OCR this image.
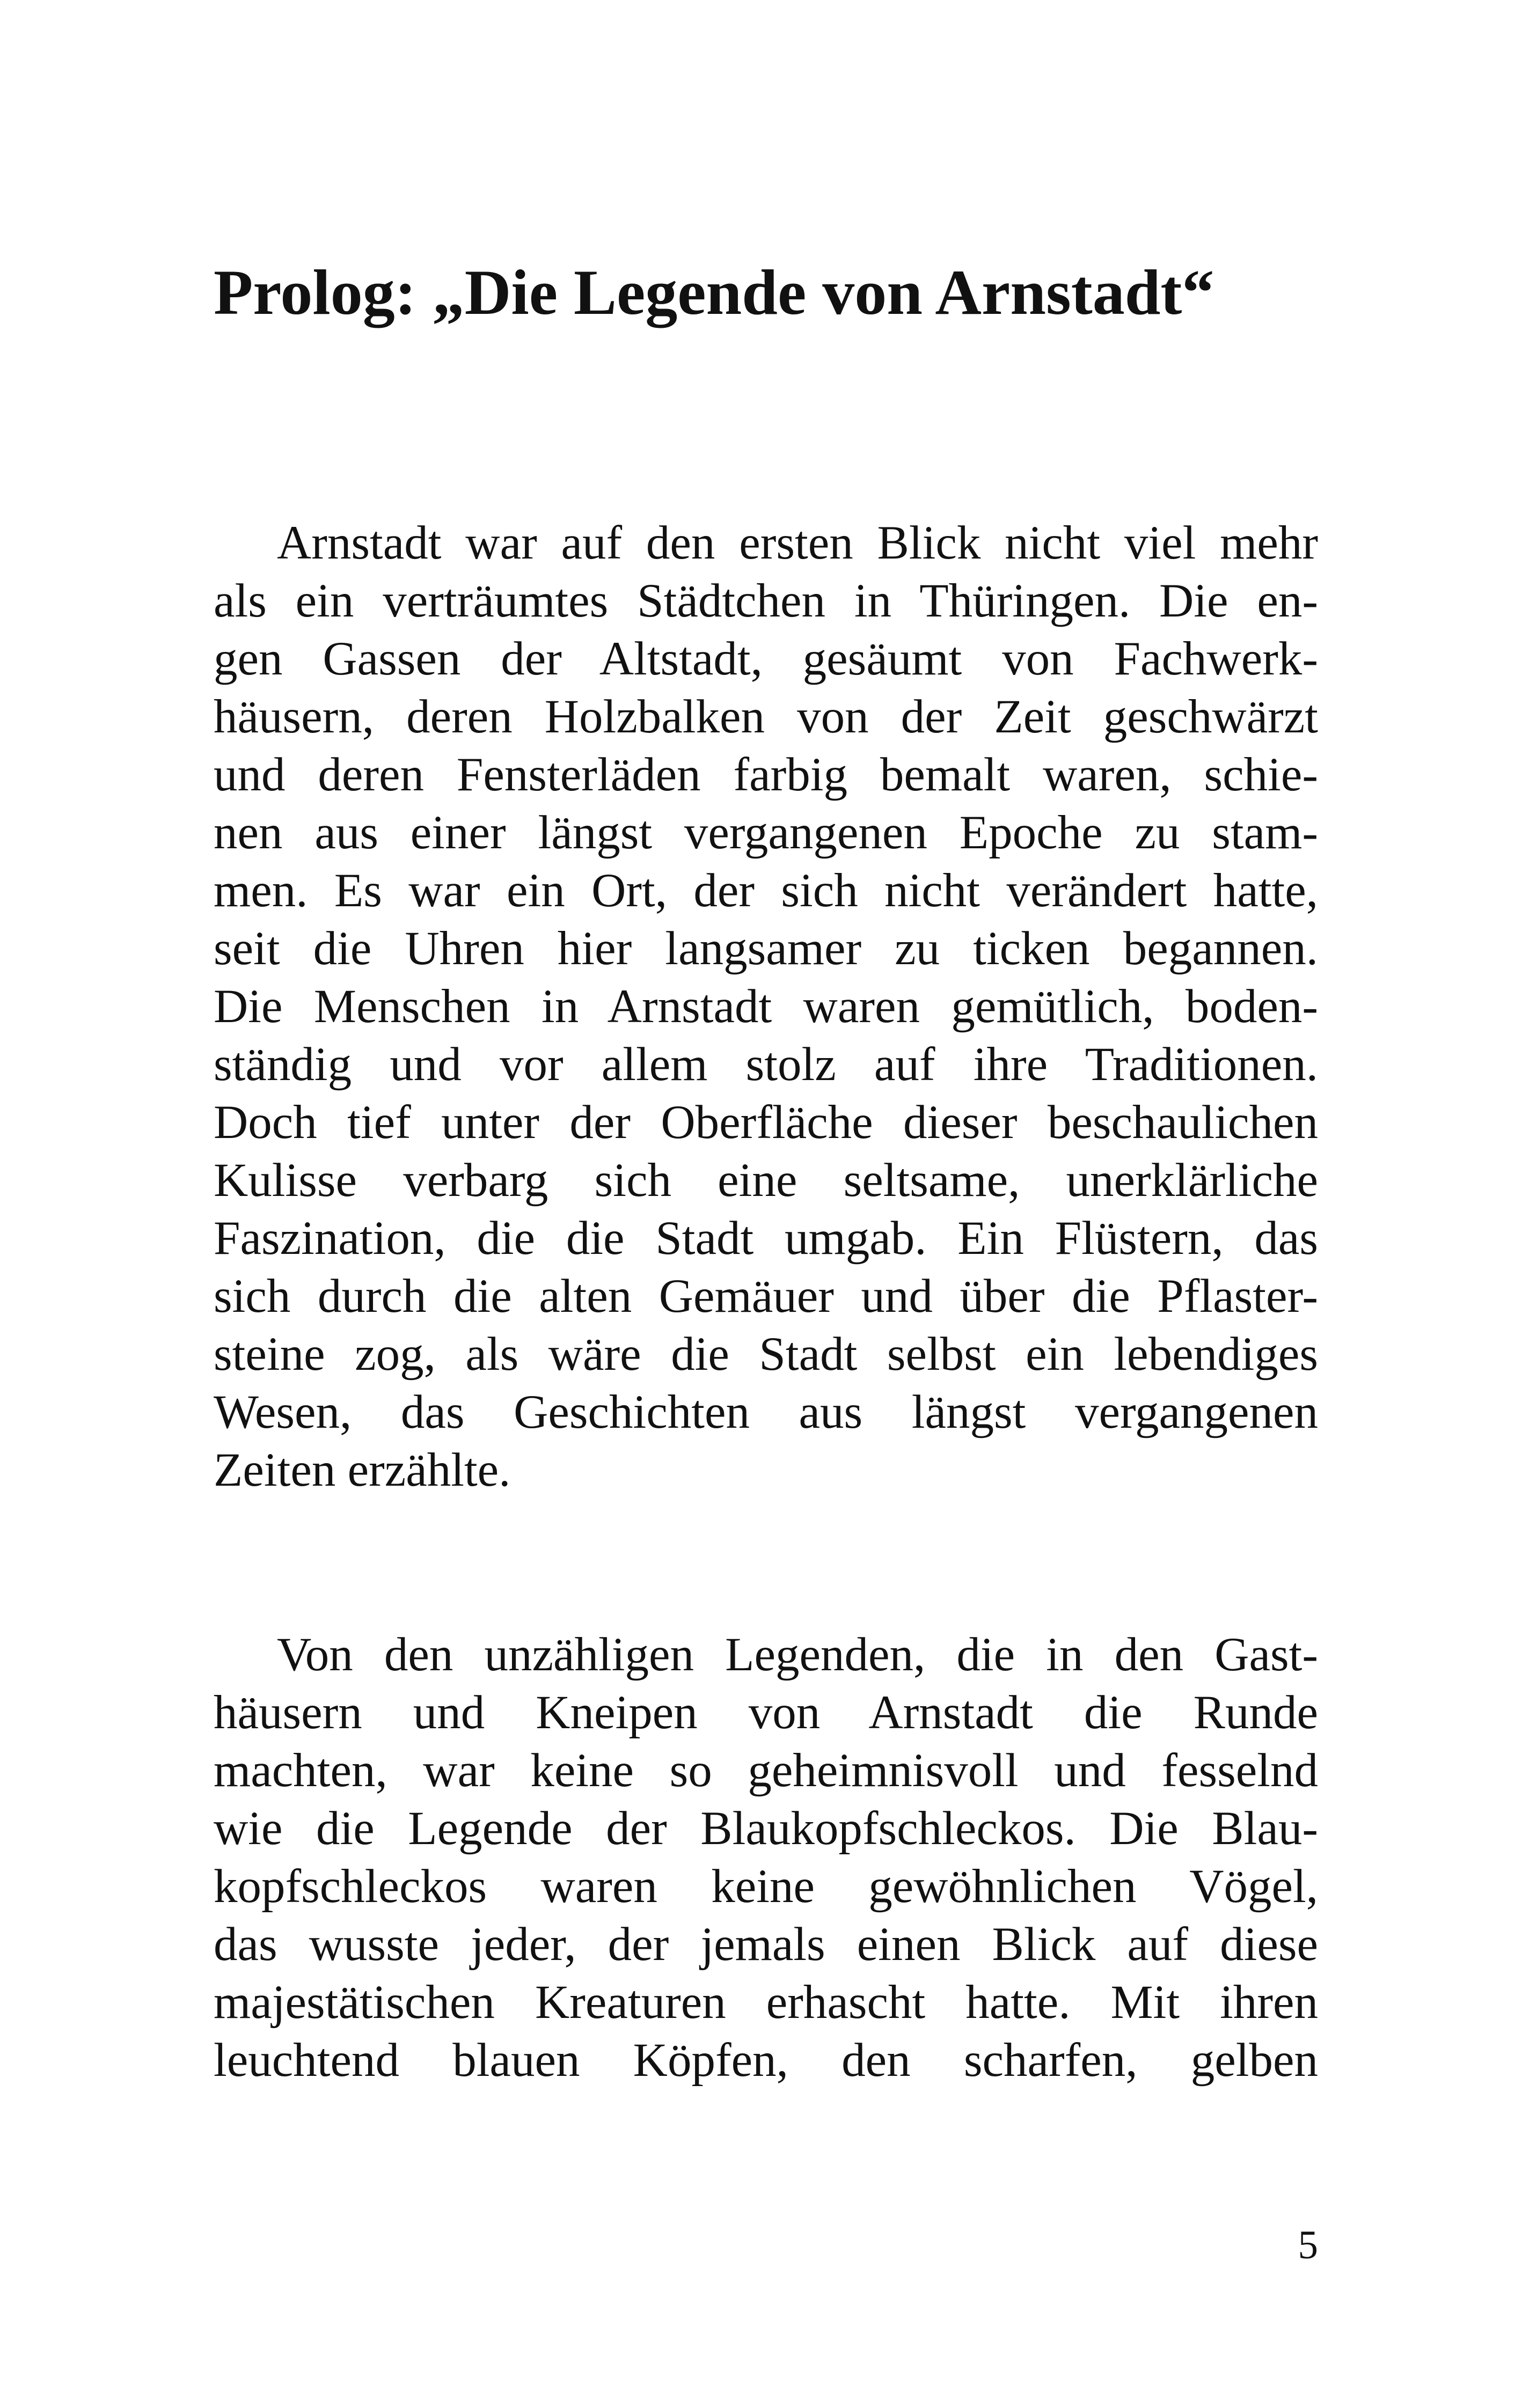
Prolog: „Die Legende von Arnstadt“
Arnstadt war auf den ersten Blick nicht viel mehr
als ein verträumtes Städtchen in Thüringen. Die en-
gen Gassen der Altstadt, gesäumt von Fachwerk-
häusern, deren Holzbalken von der Zeit geschwärzt
und deren Fensterläden farbig bemalt waren, schie-
nen aus einer längst vergangenen Epoche zu stam-
men. Es war ein Ort, der sich nicht verändert hatte,
seit die Uhren hier langsamer zu ticken begannen.
Die Menschen in Arnstadt waren gemütlich, boden-
ständig und vor allem stolz auf ihre Traditionen.
Doch tief unter der Oberfläche dieser beschaulichen
Kulisse verbarg sich eine seltsame, unerklärliche
Faszination, die die Stadt umgab. Ein Flüstern, das
sich durch die alten Gemäuer und über die Pflaster-
steine zog, als wäre die Stadt selbst ein lebendiges
Wesen, das Geschichten aus längst vergangenen
Zeiten erzählte.
Von den unzähligen Legenden, die in den Gast-
häusern und Kneipen von Arnstadt die Runde
machten, war keine so geheimnisvoll und fesselnd
wie die Legende der Blaukopfschleckos. Die Blau-
kopfschleckos waren keine gewöhnlichen Vögel,
das wusste jeder, der jemals einen Blick auf diese
majestätischen Kreaturen erhascht hatte. Mit ihren
leuchtend blauen Köpfen, den scharfen, gelben
5
